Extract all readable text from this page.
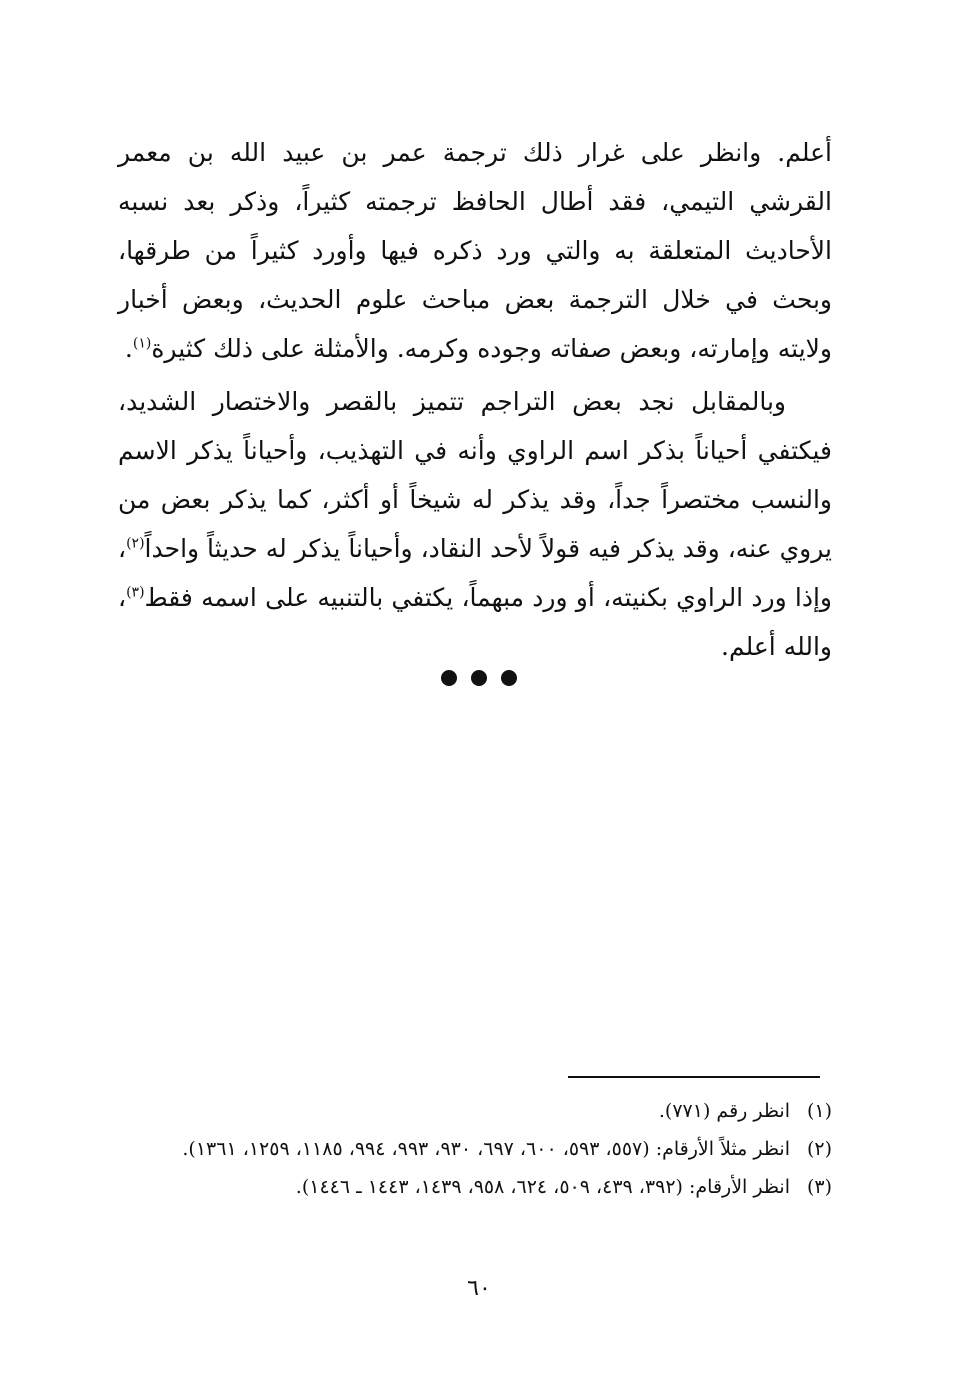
أعلم. وانظر على غرار ذلك ترجمة عمر بن عبيد الله بن معمر القرشي التيمي، فقد أطال الحافظ ترجمته كثيراً، وذكر بعد نسبه الأحاديث المتعلقة به والتي ورد ذكره فيها وأورد كثيراً من طرقها، وبحث في خلال الترجمة بعض مباحث علوم الحديث، وبعض أخبار ولايته وإمارته، وبعض صفاته وجوده وكرمه. والأمثلة على ذلك كثيرة$^{(١)}$.

وبالمقابل نجد بعض التراجم تتميز بالقصر والاختصار الشديد، فيكتفي أحياناً بذكر اسم الراوي وأنه في التهذيب، وأحياناً يذكر الاسم والنسب مختصراً جداً، وقد يذكر له شيخاً أو أكثر، كما يذكر بعض من يروي عنه، وقد يذكر فيه قولاً لأحد النقاد، وأحياناً يذكر له حديثاً واحداً$^{(٢)}$، وإذا ورد الراوي بكنيته، أو ورد مبهماً، يكتفي بالتنبيه على اسمه فقط$^{(٣)}$، والله أعلم.

(١)
انظر رقم (٧٧١).
(٢)
انظر مثلاً الأرقام: (٥٥٧، ٥٩٣، ٦٠٠، ٦٩٧، ٩٣٠، ٩٩٣، ٩٩٤، ١١٨٥، ١٢٥٩، ١٣٦١).
(٣)
انظر الأرقام: (٣٩٢، ٤٣٩، ٥٠٩، ٦٢٤، ٩٥٨، ١٤٣٩، ١٤٤٣ ـ ١٤٤٦).
٦٠
